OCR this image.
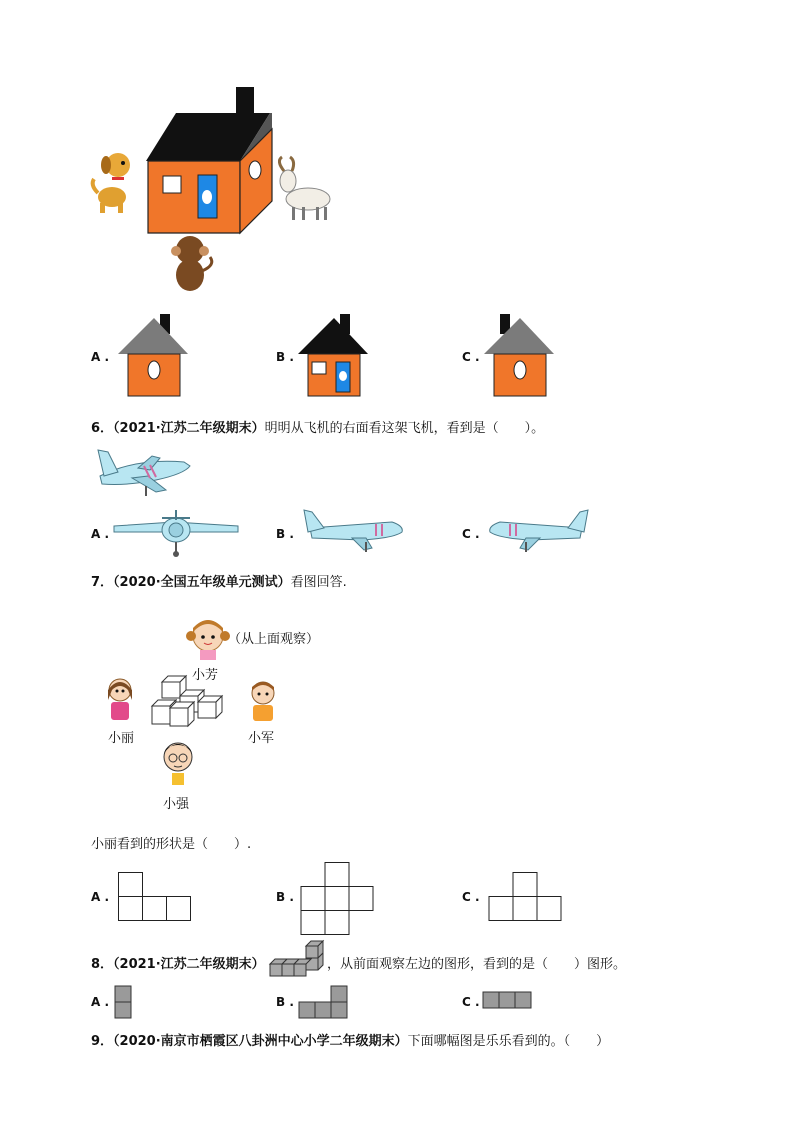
A .	B .	C .
6．（2021·江苏二年级期末）明明从飞机的右面看这架飞机，看到是（　　）。
A .	B .	C .
7．（2020·全国五年级单元测试）看图回答.
（从上面观察）
小芳
小丽	小军
小强
小丽看到的形状是（　　）.
A .	B .	C .
8．（2021·江苏二年级期末）	，从前面观察左边的图形，看到的是（　　）图形。
A .	B .	C .
9．（2020·南京市栖霞区八卦洲中心小学二年级期末）下面哪幅图是乐乐看到的。（　　）
